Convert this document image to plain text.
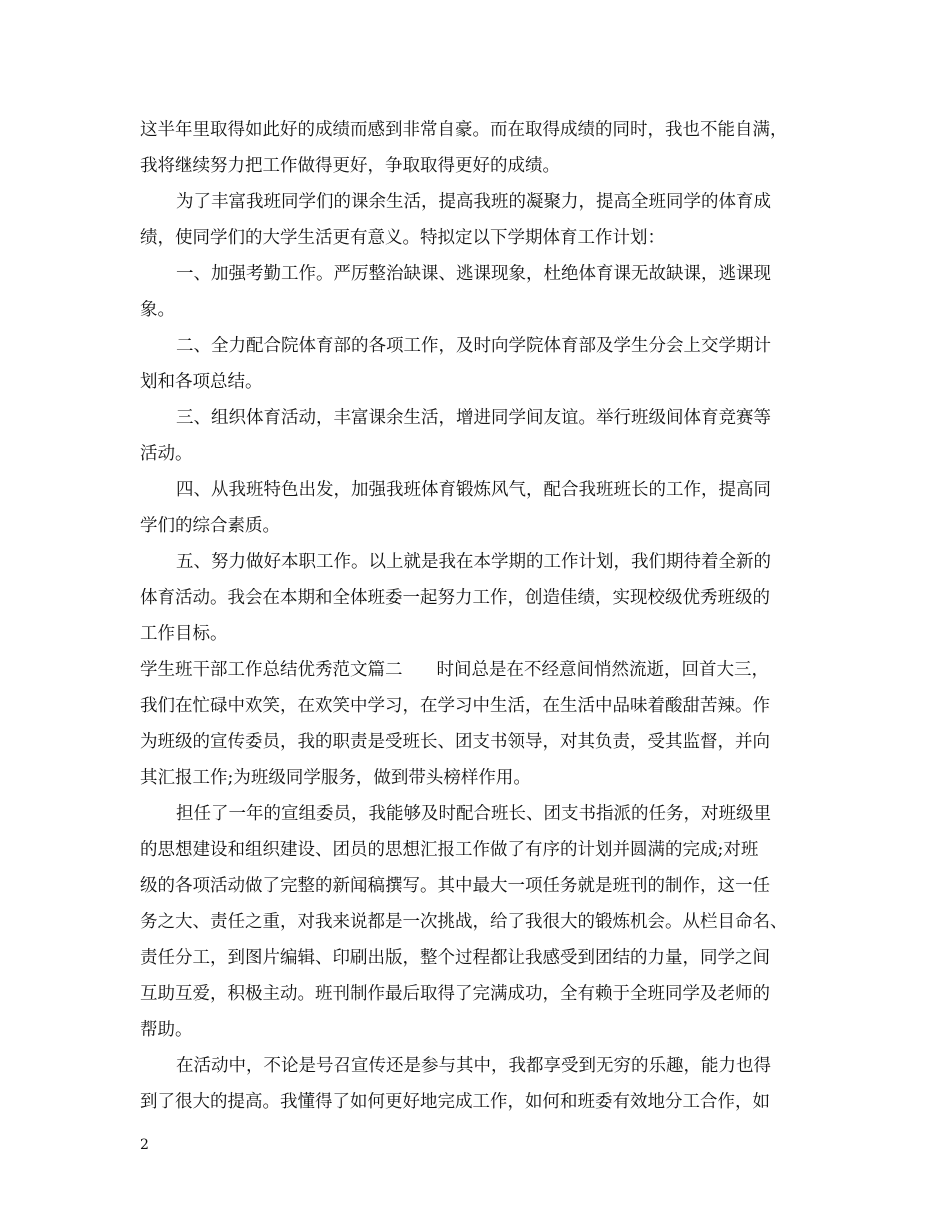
这半年里取得如此好的成绩而感到非常自豪。而在取得成绩的同时，我也不能自满，
我将继续努力把工作做得更好，争取取得更好的成绩。
为了丰富我班同学们的课余生活，提高我班的凝聚力，提高全班同学的体育成
绩，使同学们的大学生活更有意义。特拟定以下学期体育工作计划：
一、加强考勤工作。严厉整治缺课、逃课现象，杜绝体育课无故缺课，逃课现
象。
二、全力配合院体育部的各项工作，及时向学院体育部及学生分会上交学期计
划和各项总结。
三、组织体育活动，丰富课余生活，增进同学间友谊。举行班级间体育竞赛等
活动。
四、从我班特色出发，加强我班体育锻炼风气，配合我班班长的工作，提高同
学们的综合素质。
五、努力做好本职工作。以上就是我在本学期的工作计划，我们期待着全新的
体育活动。我会在本期和全体班委一起努力工作，创造佳绩，实现校级优秀班级的
工作目标。
学生班干部工作总结优秀范文篇二 时间总是在不经意间悄然流逝，回首大三，
我们在忙碌中欢笑，在欢笑中学习，在学习中生活，在生活中品味着酸甜苦辣。作
为班级的宣传委员，我的职责是受班长、团支书领导，对其负责，受其监督，并向
其汇报工作;为班级同学服务，做到带头榜样作用。
担任了一年的宣组委员，我能够及时配合班长、团支书指派的任务，对班级里
的思想建设和组织建设、团员的思想汇报工作做了有序的计划并圆满的完成;对班
级的各项活动做了完整的新闻稿撰写。其中最大一项任务就是班刊的制作，这一任
务之大、责任之重，对我来说都是一次挑战，给了我很大的锻炼机会。从栏目命名、
责任分工，到图片编辑、印刷出版，整个过程都让我感受到团结的力量，同学之间
互助互爱，积极主动。班刊制作最后取得了完满成功，全有赖于全班同学及老师的
帮助。
在活动中，不论是号召宣传还是参与其中，我都享受到无穷的乐趣，能力也得
到了很大的提高。我懂得了如何更好地完成工作，如何和班委有效地分工合作，如
2
